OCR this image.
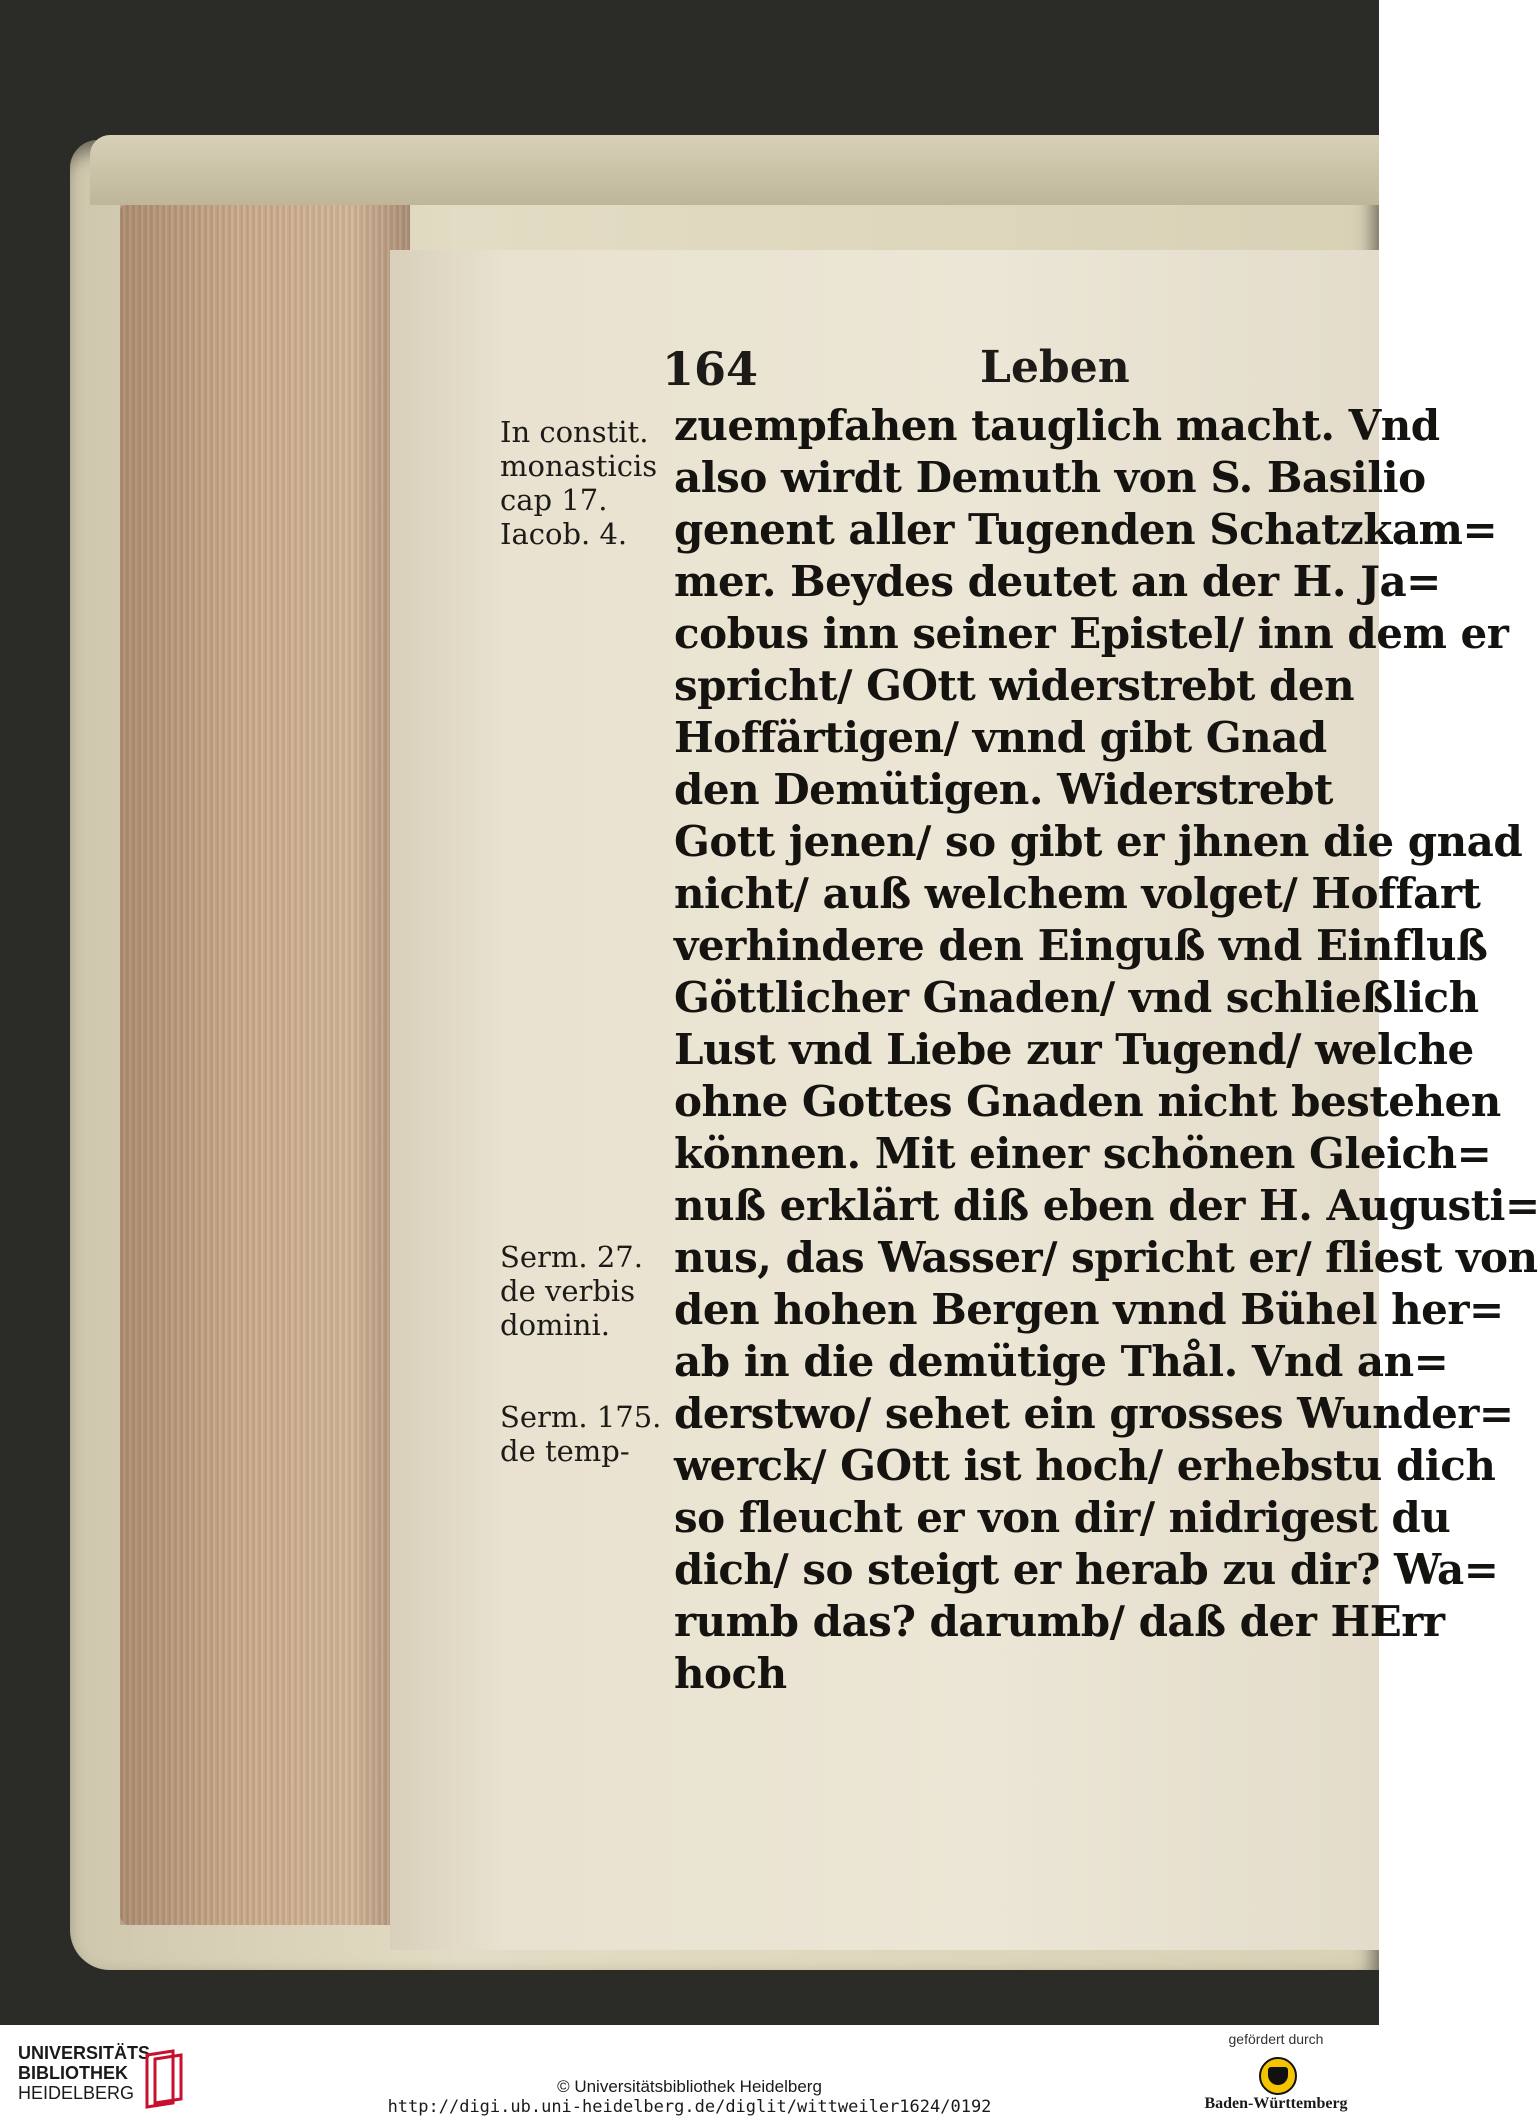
164	Leben
zuempfahen tauglich macht. Vnd
also wirdt Demuth von S. Basilio
genent aller Tugenden Schatzkam=
mer. Beydes deutet an der H. Ja=
cobus inn seiner Epistel/ inn dem er
spricht/ GOtt widerstrebt den
Hoffärtigen/ vnnd gibt Gnad
den Demütigen. Widerstrebt
Gott jenen/ so gibt er jhnen die gnad
nicht/ auß welchem volget/ Hoffart
verhindere den Einguß vnd Einfluß
Göttlicher Gnaden/ vnd schließlich
Lust vnd Liebe zur Tugend/ welche
ohne Gottes Gnaden nicht bestehen
können. Mit einer schönen Gleich=
nuß erklärt diß eben der H. Augusti=
nus, das Wasser/ spricht er/ fliest von
den hohen Bergen vnnd Bühel her=
ab in die demütige Thål. Vnd an=
derstwo/ sehet ein grosses Wunder=
werck/ GOtt ist hoch/ erhebstu dich
so fleucht er von dir/ nidrigest du
dich/ so steigt er herab zu dir? Wa=
rumb das? darumb/ daß der HErr
hoch
In constit.
monasticis
cap 17.
Iacob. 4.
Serm. 27.
de verbis
domini.
Serm. 175.
de temp-
UNIVERSITÄTS-
BIBLIOTHEK
HEIDELBERG	© Universitätsbibliothek Heidelberg
http://digi.ub.uni-heidelberg.de/diglit/wittweiler1624/0192
gefördert durch
Baden-Württemberg
